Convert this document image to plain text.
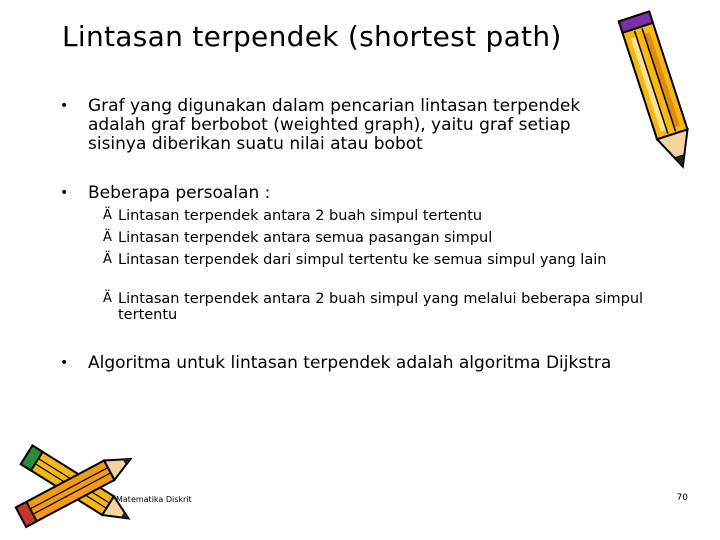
Lintasan terpendek (shortest path)
• Graf yang digunakan dalam pencarian lintasan terpendek adalah graf berbobot (weighted graph), yaitu graf setiap sisinya diberikan suatu nilai atau bobot
• Beberapa persoalan :
Ä Lintasan terpendek antara 2 buah simpul tertentu
Ä Lintasan terpendek antara semua pasangan simpul
Ä Lintasan terpendek dari simpul tertentu ke semua simpul yang lain
Ä Lintasan terpendek antara 2 buah simpul yang melalui beberapa simpul tertentu
• Algoritma untuk lintasan terpendek adalah algoritma Dijkstra
Matematika Diskrit	70
